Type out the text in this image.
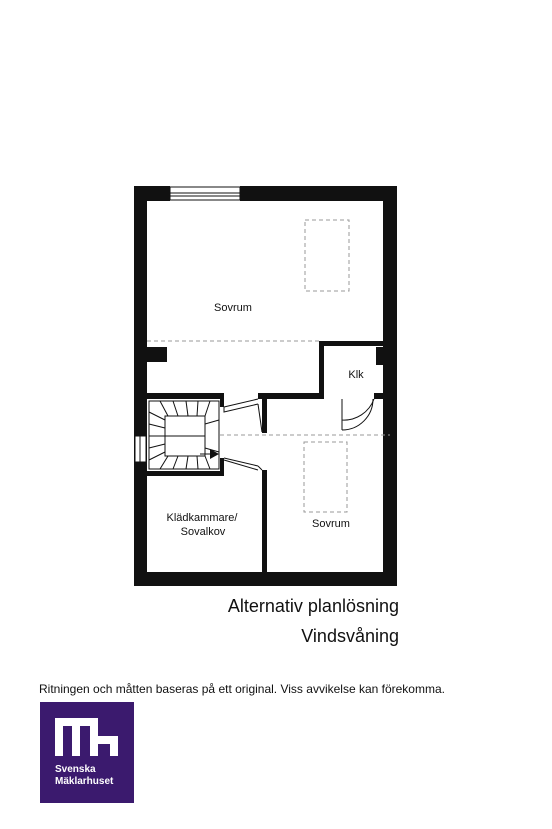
Sovrum
Klk
Klädkammare/
Sovalkov
Sovrum
Alternativ planlösning
Vindsvåning
Ritningen och måtten baseras på ett original. Viss avvikelse kan förekomma.
Svenska
Mäklarhuset
